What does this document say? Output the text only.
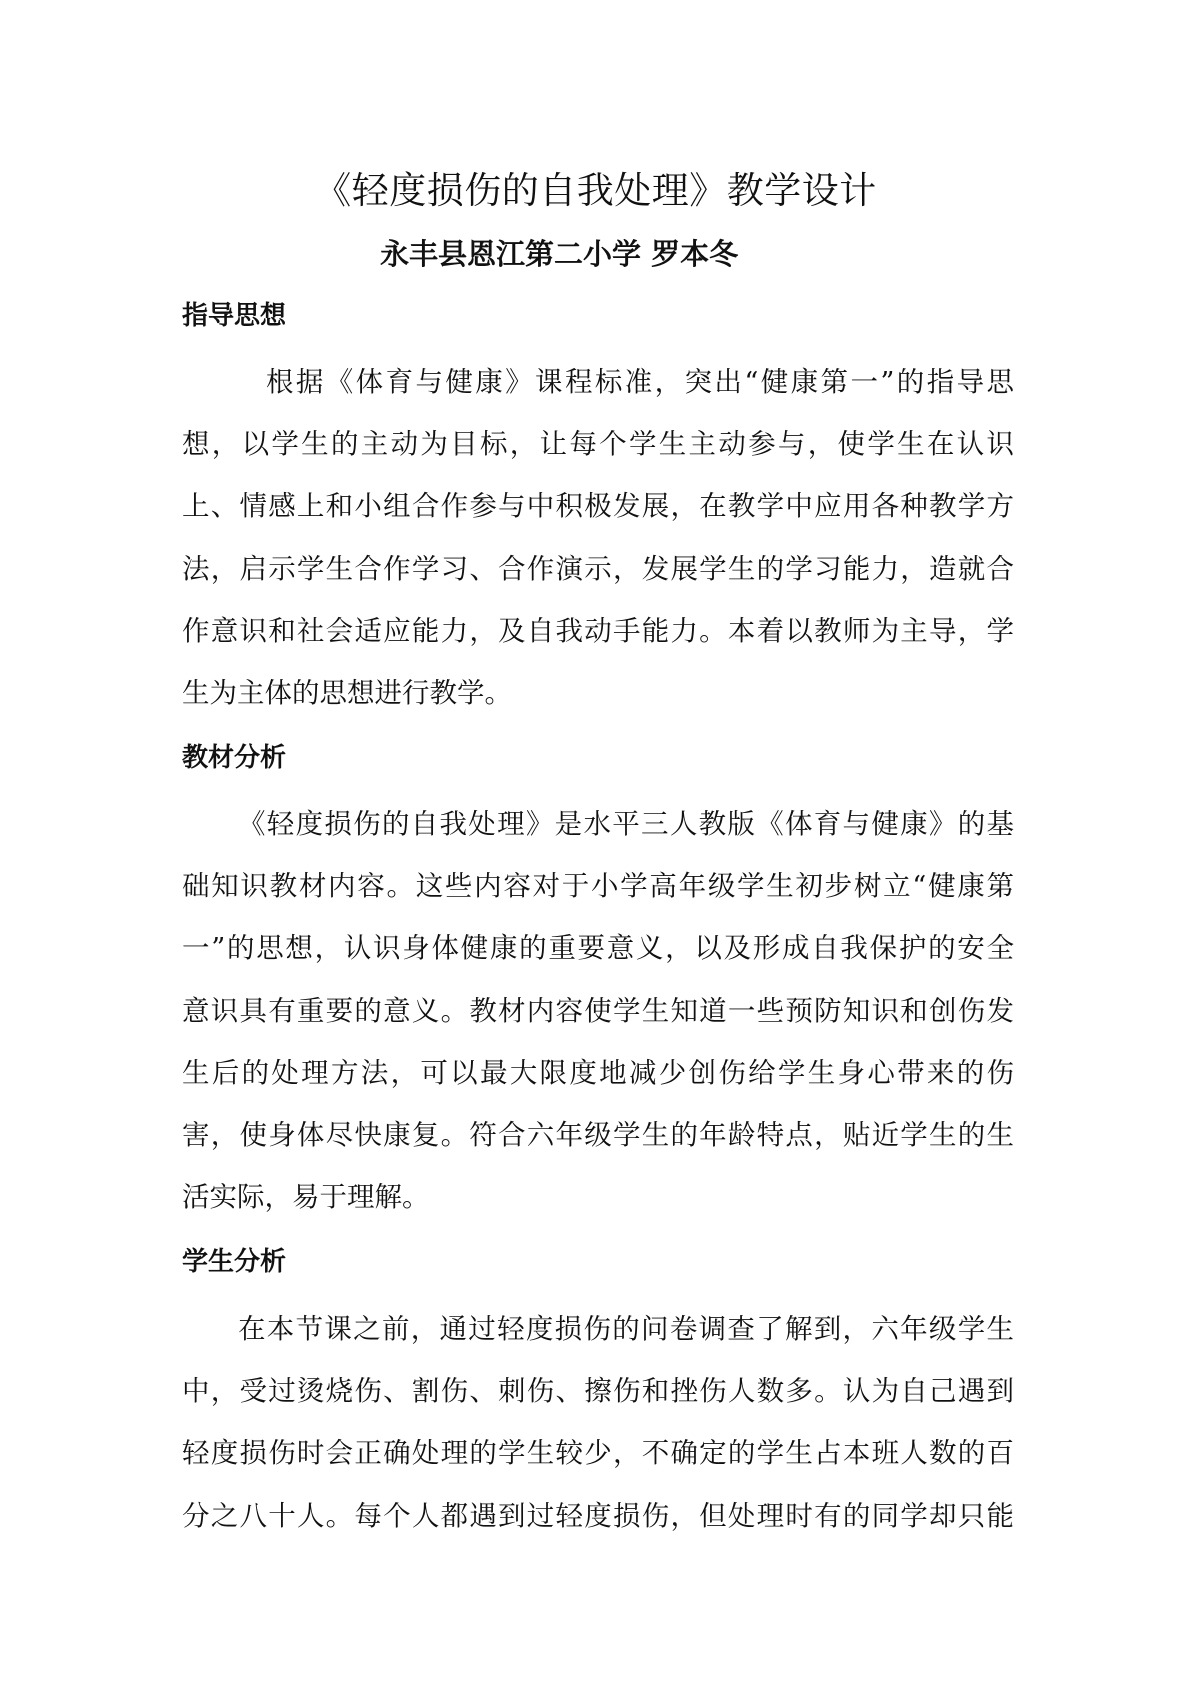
《轻度损伤的自我处理》教学设计
永丰县恩江第二小学 罗本冬
指导思想
根据《体育与健康》课程标准，突出“健康第一”的指导思
想，以学生的主动为目标，让每个学生主动参与，使学生在认识
上、情感上和小组合作参与中积极发展，在教学中应用各种教学方
法，启示学生合作学习、合作演示，发展学生的学习能力，造就合
作意识和社会适应能力，及自我动手能力。本着以教师为主导，学
生为主体的思想进行教学。
教材分析
《轻度损伤的自我处理》是水平三人教版《体育与健康》的基
础知识教材内容。这些内容对于小学高年级学生初步树立“健康第
一”的思想，认识身体健康的重要意义，以及形成自我保护的安全
意识具有重要的意义。教材内容使学生知道一些预防知识和创伤发
生后的处理方法，可以最大限度地减少创伤给学生身心带来的伤
害，使身体尽快康复。符合六年级学生的年龄特点，贴近学生的生
活实际，易于理解。
学生分析
在本节课之前，通过轻度损伤的问卷调查了解到，六年级学生
中，受过烫烧伤、割伤、刺伤、擦伤和挫伤人数多。认为自己遇到
轻度损伤时会正确处理的学生较少，不确定的学生占本班人数的百
分之八十人。每个人都遇到过轻度损伤，但处理时有的同学却只能
